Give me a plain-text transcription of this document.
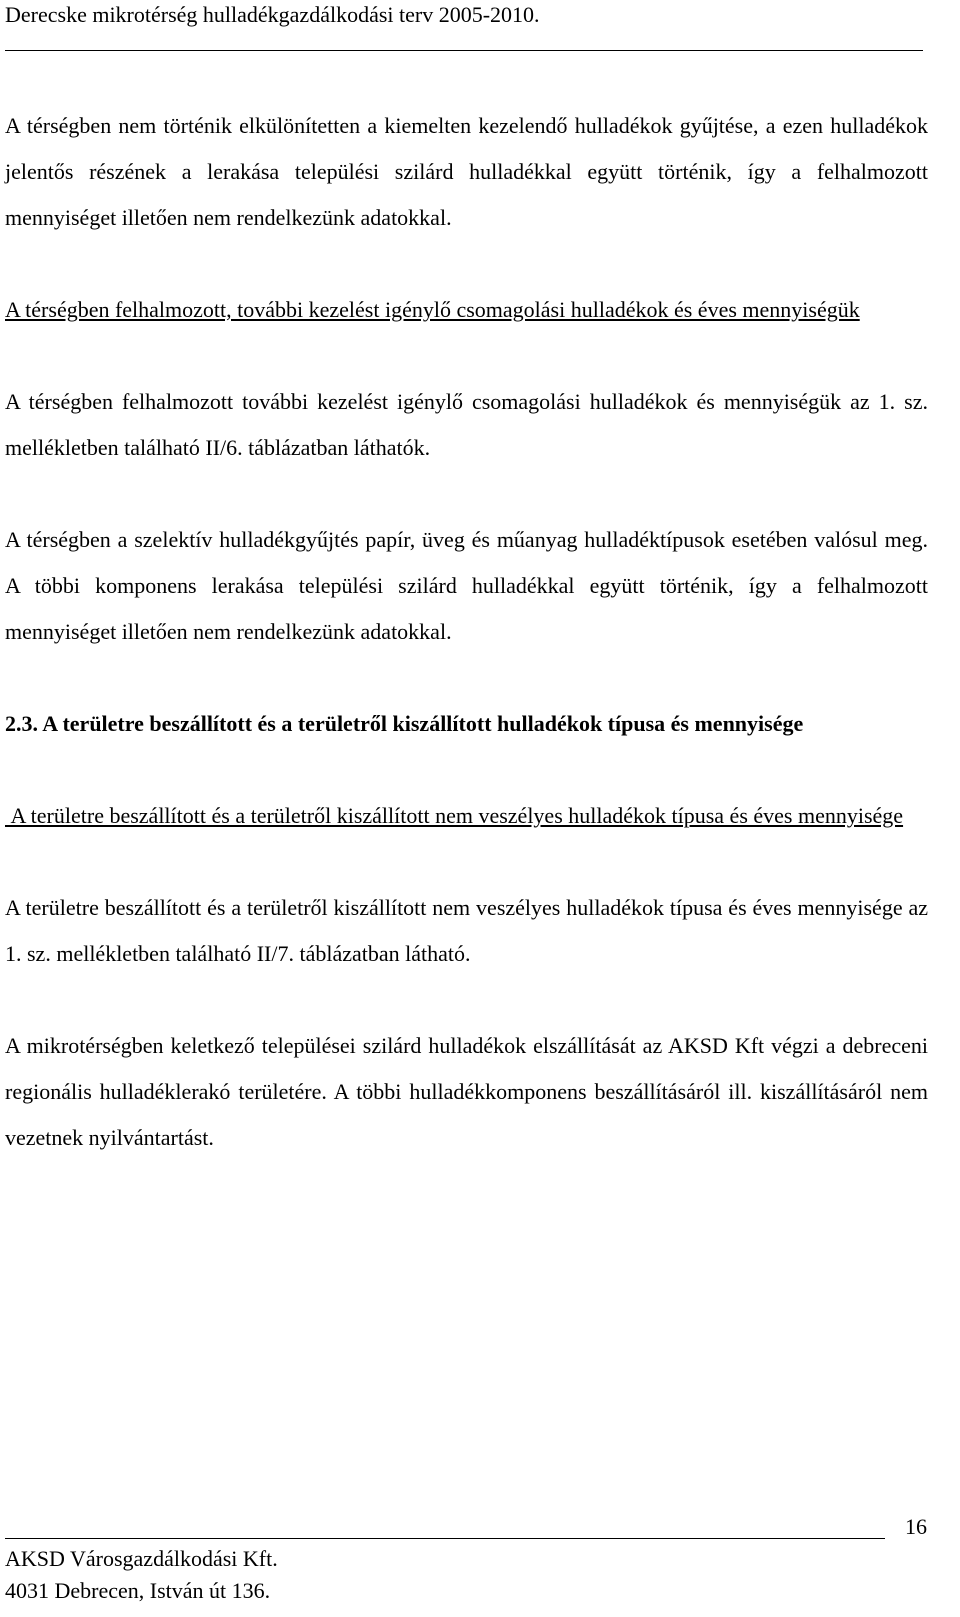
Derecske mikrotérség hulladékgazdálkodási terv 2005-2010.

A térségben nem történik elkülönítetten a kiemelten kezelendő hulladékok gyűjtése, a ezen hulladékok jelentős részének a lerakása települési szilárd hulladékkal együtt történik, így a felhalmozott mennyiséget illetően nem rendelkezünk adatokkal.

A térségben felhalmozott, további kezelést igénylő csomagolási hulladékok és éves mennyiségük

A térségben felhalmozott további kezelést igénylő csomagolási hulladékok és mennyiségük az 1. sz. mellékletben található II/6. táblázatban láthatók.

A térségben a szelektív hulladékgyűjtés papír, üveg és műanyag hulladéktípusok esetében valósul meg. A többi komponens lerakása települési szilárd hulladékkal együtt történik, így a felhalmozott mennyiséget illetően nem rendelkezünk adatokkal.

2.3. A területre beszállított és a területről kiszállított hulladékok típusa és mennyisége

A területre beszállított és a területről kiszállított nem veszélyes hulladékok típusa és éves mennyisége

A területre beszállított és a területről kiszállított nem veszélyes hulladékok típusa és éves mennyisége az 1. sz. mellékletben található II/7. táblázatban látható.

A mikrotérségben keletkező települései szilárd hulladékok elszállítását az AKSD Kft végzi a debreceni regionális hulladéklerakó területére. A többi hulladékkomponens beszállításáról ill. kiszállításáról nem vezetnek nyilvántartást.

16
AKSD Városgazdálkodási Kft.
4031 Debrecen, István út 136.
